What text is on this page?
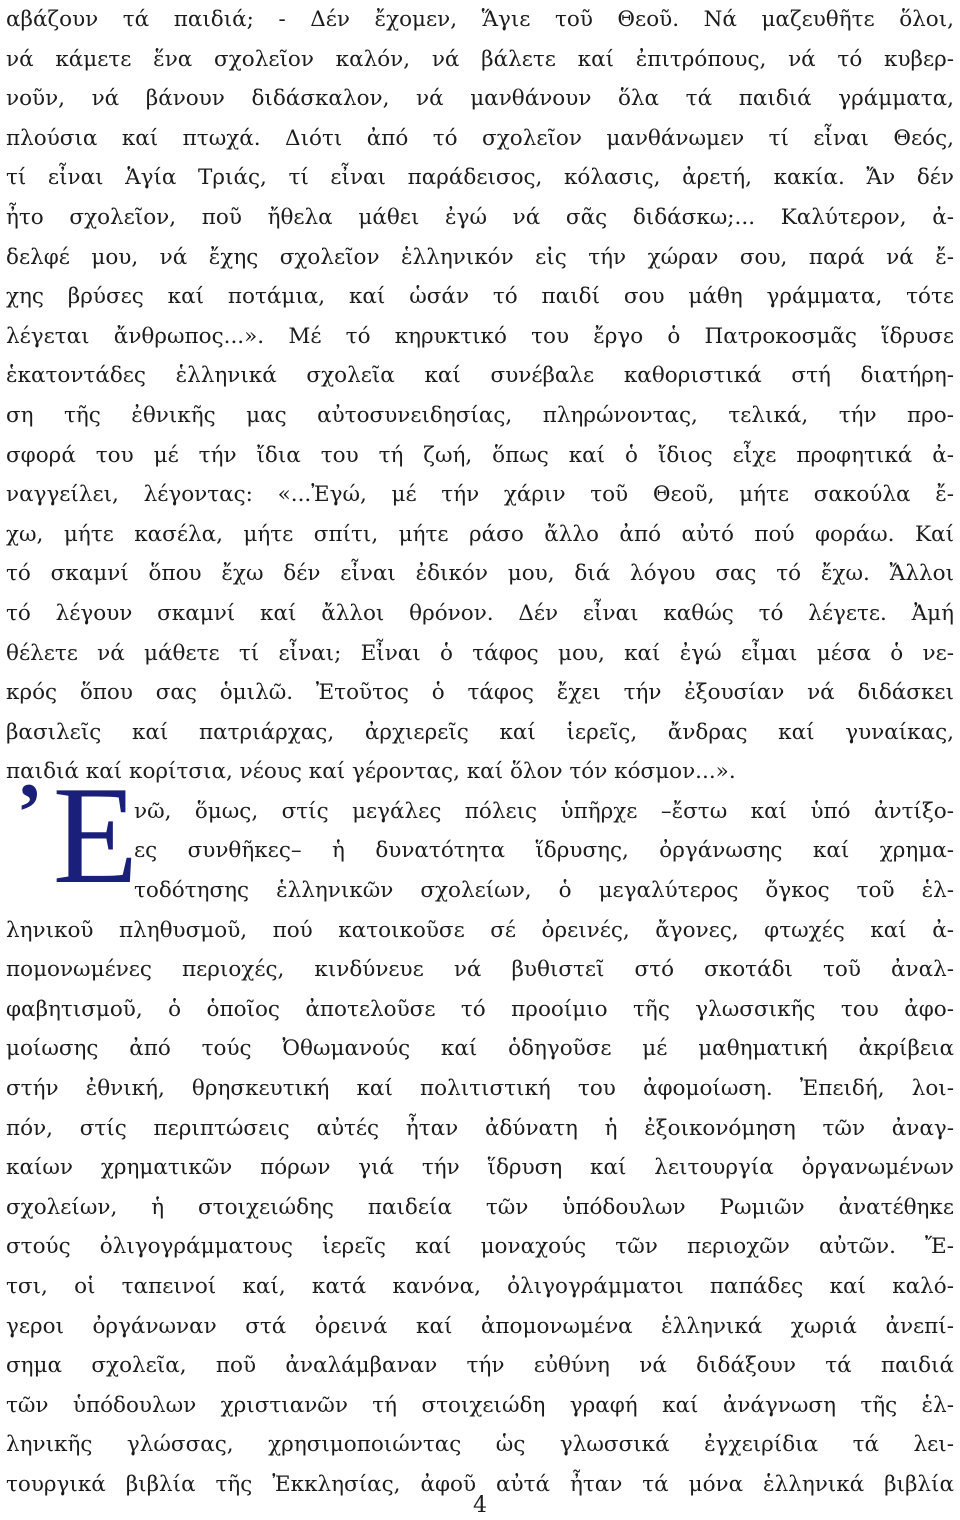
αβάζουν τά παιδιά; - Δέν ἔχομεν, Ἅγιε τοῦ Θεοῦ. Νά μαζευθῆτε ὅλοι,
νά κάμετε ἕνα σχολεῖον καλόν, νά βάλετε καί ἐπιτρόπους, νά τό κυβερ-
νοῦν, νά βάνουν διδάσκαλον, νά μανθάνουν ὅλα τά παιδιά γράμματα,
πλούσια καί πτωχά. Διότι ἀπό τό σχολεῖον μανθάνωμεν τί εἶναι Θεός,
τί εἶναι Ἁγία Τριάς, τί εἶναι παράδεισος, κόλασις, ἀρετή, κακία. Ἄν δέν
ἦτο σχολεῖον, ποῦ ἤθελα μάθει ἐγώ νά σᾶς διδάσκω;... Καλύτερον, ἀ-
δελφέ μου, νά ἔχης σχολεῖον ἑλληνικόν εἰς τήν χώραν σου, παρά νά ἔ-
χης βρύσες καί ποτάμια, καί ὡσάν τό παιδί σου μάθη γράμματα, τότε
λέγεται ἄνθρωπος...». Μέ τό κηρυκτικό του ἔργο ὁ Πατροκοσμᾶς ἵδρυσε
ἑκατοντάδες ἑλληνικά σχολεῖα καί συνέβαλε καθοριστικά στή διατήρη-
ση τῆς ἐθνικῆς μας αὐτοσυνειδησίας, πληρώνοντας, τελικά, τήν προ-
σφορά του μέ τήν ἴδια του τή ζωή, ὅπως καί ὁ ἴδιος εἶχε προφητικά ἀ-
ναγγείλει, λέγοντας: «...Ἐγώ, μέ τήν χάριν τοῦ Θεοῦ, μήτε σακούλα ἔ-
χω, μήτε κασέλα, μήτε σπίτι, μήτε ράσο ἄλλο ἀπό αὐτό πού φοράω. Καί
τό σκαμνί ὅπου ἔχω δέν εἶναι ἐδικόν μου, διά λόγου σας τό ἔχω. Ἄλλοι
τό λέγουν σκαμνί καί ἄλλοι θρόνον. Δέν εἶναι καθώς τό λέγετε. Ἀμή
θέλετε νά μάθετε τί εἶναι; Εἶναι ὁ τάφος μου, καί ἐγώ εἶμαι μέσα ὁ νε-
κρός ὅπου σας ὁμιλῶ. Ἐτοῦτος ὁ τάφος ἔχει τήν ἐξουσίαν νά διδάσκει
βασιλεῖς καί πατριάρχας, ἀρχιερεῖς καί ἱερεῖς, ἄνδρας καί γυναίκας,
παιδιά καί κορίτσια, νέους καί γέροντας, καί ὅλον τόν κόσμον...».
νῶ, ὅμως, στίς μεγάλες πόλεις ὑπῆρχε –ἔστω καί ὑπό ἀντίξο-
ες συνθῆκες– ἡ δυνατότητα ἵδρυσης, ὀργάνωσης καί χρημα-
τοδότησης ἑλληνικῶν σχολείων, ὁ μεγαλύτερος ὄγκος τοῦ ἑλ-
ληνικοῦ πληθυσμοῦ, πού κατοικοῦσε σέ ὀρεινές, ἄγονες, φτωχές καί ἀ-
πομονωμένες περιοχές, κινδύνευε νά βυθιστεῖ στό σκοτάδι τοῦ ἀναλ-
φαβητισμοῦ, ὁ ὁποῖος ἀποτελοῦσε τό προοίμιο τῆς γλωσσικῆς του ἀφο-
μοίωσης ἀπό τούς Ὀθωμανούς καί ὁδηγοῦσε μέ μαθηματική ἀκρίβεια
στήν ἐθνική, θρησκευτική καί πολιτιστική του ἀφομοίωση. Ἐπειδή, λοι-
πόν, στίς περιπτώσεις αὐτές ἦταν ἀδύνατη ἡ ἐξοικονόμηση τῶν ἀναγ-
καίων χρηματικῶν πόρων γιά τήν ἵδρυση καί λειτουργία ὀργανωμένων
σχολείων, ἡ στοιχειώδης παιδεία τῶν ὑπόδουλων Ρωμιῶν ἀνατέθηκε
στούς ὀλιγογράμματους ἱερεῖς καί μοναχούς τῶν περιοχῶν αὐτῶν. Ἔ-
τσι, οἱ ταπεινοί καί, κατά κανόνα, ὀλιγογράμματοι παπάδες καί καλό-
γεροι ὀργάνωναν στά ὀρεινά καί ἀπομονωμένα ἑλληνικά χωριά ἀνεπί-
σημα σχολεῖα, ποῦ ἀναλάμβαναν τήν εὐθύνη νά διδάξουν τά παιδιά
τῶν ὑπόδουλων χριστιανῶν τή στοιχειώδη γραφή καί ἀνάγνωση τῆς ἑλ-
ληνικῆς γλώσσας, χρησιμοποιώντας ὡς γλωσσικά ἐγχειρίδια τά λει-
τουργικά βιβλία τῆς Ἐκκλησίας, ἀφοῦ αὐτά ἦταν τά μόνα ἑλληνικά βιβλία
᾿Ε
4
